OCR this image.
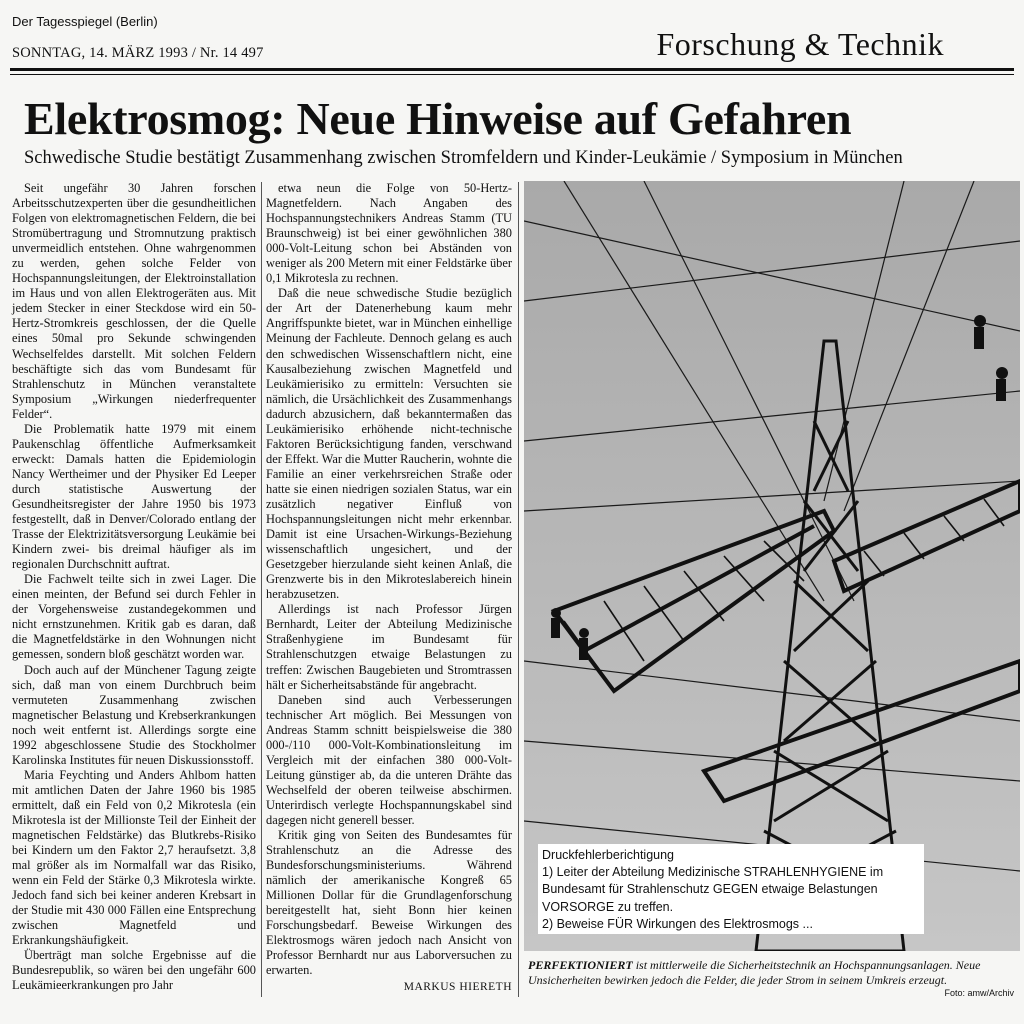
Der Tagesspiegel (Berlin)
SONNTAG, 14. MÄRZ 1993 / Nr. 14 497	Forschung & Technik
Elektrosmog: Neue Hinweise auf Gefahren
Schwedische Studie bestätigt Zusammenhang zwischen Stromfeldern und Kinder-Leukämie / Symposium in München

Seit ungefähr 30 Jahren forschen Arbeitsschutzexperten über die gesundheitlichen Folgen von elektromagnetischen Feldern, die bei Stromübertragung und Stromnutzung praktisch unvermeidlich entstehen. Ohne wahrgenommen zu werden, gehen solche Felder von Hochspannungsleitungen, der Elektroinstallation im Haus und von allen Elektrogeräten aus. Mit jedem Stecker in einer Steckdose wird ein 50-Hertz-Stromkreis geschlossen, der die Quelle eines 50mal pro Sekunde schwingenden Wechselfeldes darstellt. Mit solchen Feldern beschäftigte sich das vom Bundesamt für Strahlenschutz in München veranstaltete Symposium „Wirkungen niederfrequenter Felder“.

Die Problematik hatte 1979 mit einem Paukenschlag öffentliche Aufmerksamkeit erweckt: Damals hatten die Epidemiologin Nancy Wertheimer und der Physiker Ed Leeper durch statistische Auswertung der Gesundheitsregister der Jahre 1950 bis 1973 festgestellt, daß in Denver/Colorado entlang der Trasse der Elektrizitätsversorgung Leukämie bei Kindern zwei- bis dreimal häufiger als im regionalen Durchschnitt auftrat.

Die Fachwelt teilte sich in zwei Lager. Die einen meinten, der Befund sei durch Fehler in der Vorgehensweise zustandegekommen und nicht ernstzunehmen. Kritik gab es daran, daß die Magnetfeldstärke in den Wohnungen nicht gemessen, sondern bloß geschätzt worden war.

Doch auch auf der Münchener Tagung zeigte sich, daß man von einem Durchbruch beim vermuteten Zusammenhang zwischen magnetischer Belastung und Krebserkrankungen noch weit entfernt ist. Allerdings sorgte eine 1992 abgeschlossene Studie des Stockholmer Karolinska Institutes für neuen Diskussionsstoff.

Maria Feychting und Anders Ahlbom hatten mit amtlichen Daten der Jahre 1960 bis 1985 ermittelt, daß ein Feld von 0,2 Mikrotesla (ein Mikrotesla ist der Millionste Teil der Einheit der magnetischen Feldstärke) das Blutkrebs-Risiko bei Kindern um den Faktor 2,7 heraufsetzt. 3,8 mal größer als im Normalfall war das Risiko, wenn ein Feld der Stärke 0,3 Mikrotesla wirkte. Jedoch fand sich bei keiner anderen Krebsart in der Studie mit 430 000 Fällen eine Entsprechung zwischen Magnetfeld und Erkrankungshäufigkeit.

Überträgt man solche Ergebnisse auf die Bundesrepublik, so wären bei den ungefähr 600 Leukämieerkrankungen pro Jahr

etwa neun die Folge von 50-Hertz-Magnetfeldern. Nach Angaben des Hochspannungstechnikers Andreas Stamm (TU Braunschweig) ist bei einer gewöhnlichen 380 000-Volt-Leitung schon bei Abständen von weniger als 200 Metern mit einer Feldstärke über 0,1 Mikrotesla zu rechnen.

Daß die neue schwedische Studie bezüglich der Art der Datenerhebung kaum mehr Angriffspunkte bietet, war in München einhellige Meinung der Fachleute. Dennoch gelang es auch den schwedischen Wissenschaftlern nicht, eine Kausalbeziehung zwischen Magnetfeld und Leukämierisiko zu ermitteln: Versuchten sie nämlich, die Ursächlichkeit des Zusammenhangs dadurch abzusichern, daß bekanntermaßen das Leukämierisiko erhöhende nicht-technische Faktoren Berücksichtigung fanden, verschwand der Effekt. War die Mutter Raucherin, wohnte die Familie an einer verkehrsreichen Straße oder hatte sie einen niedrigen sozialen Status, war ein zusätzlich negativer Einfluß von Hochspannungsleitungen nicht mehr erkennbar. Damit ist eine Ursachen-Wirkungs-Beziehung wissenschaftlich ungesichert, und der Gesetzgeber hierzulande sieht keinen Anlaß, die Grenzwerte bis in den Mikroteslabereich hinein herabzusetzen.

Allerdings ist nach Professor Jürgen Bernhardt, Leiter der Abteilung Medizinische Straßenhygiene im Bundesamt für Strahlenschutzgen etwaige Belastungen zu treffen: Zwischen Baugebieten und Stromtrassen hält er Sicherheitsabstände für angebracht.

Daneben sind auch Verbesserungen technischer Art möglich. Bei Messungen von Andreas Stamm schnitt beispielsweise die 380 000-/110 000-Volt-Kombinationsleitung im Vergleich mit der einfachen 380 000-Volt-Leitung günstiger ab, da die unteren Drähte das Wechselfeld der oberen teilweise abschirmen. Unterirdisch verlegte Hochspannungskabel sind dagegen nicht generell besser.

Kritik ging von Seiten des Bundesamtes für Strahlenschutz an die Adresse des Bundesforschungsministeriums. Während nämlich der amerikanische Kongreß 65 Millionen Dollar für die Grundlagenforschung bereitgestellt hat, sieht Bonn hier keinen Forschungsbedarf. Beweise Wirkungen des Elektrosmogs wären jedoch nach Ansicht von Professor Bernhardt nur aus Laborversuchen zu erwarten.

MARKUS HIERETH
Druckfehlerberichtigung
1) Leiter der Abteilung Medizinische STRAHLENHYGIENE im
Bundesamt für Strahlenschutz GEGEN etwaige Belastungen
VORSORGE zu treffen.
2) Beweise FÜR Wirkungen des Elektrosmogs ...
PERFEKTIONIERT ist mittlerweile die Sicherheitstechnik an Hochspannungsanlagen. Neue Unsicherheiten bewirken jedoch die Felder, die jeder Strom in seinem Umkreis erzeugt.
Foto: amw/Archiv
